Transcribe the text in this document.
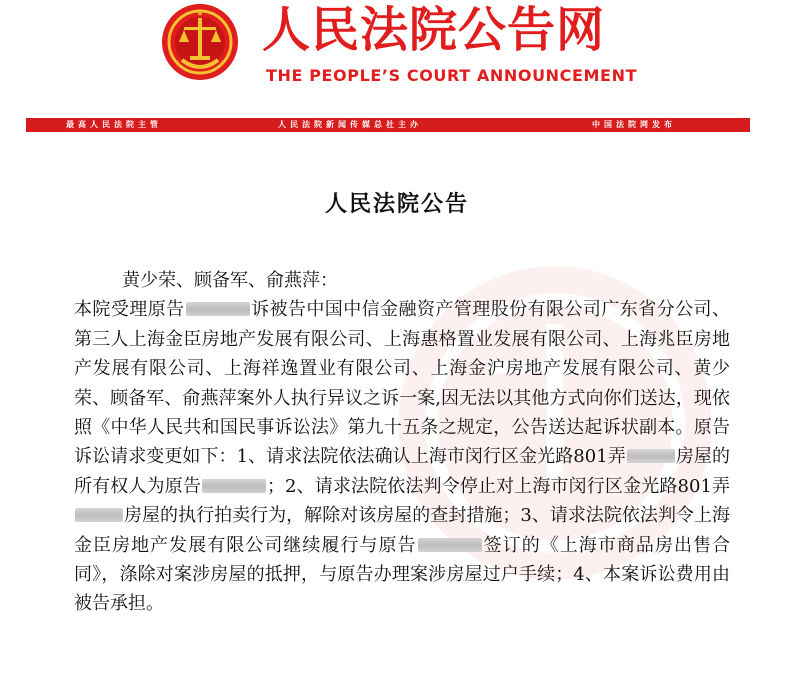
人民法院公告网

THE PEOPLE’S COURT ANNOUNCEMENT

最高人民法院主管	人民法院新闻传媒总社主办	中国法院网发布
人民法院公告

黄少荣、顾备军、俞燕萍：

本院受理原告	诉被告中国中信金融资产管理股份有限公司广东省分公司、第三人上海金臣房地产发展有限公司、上海惠格置业发展有限公司、上海兆臣房地产发展有限公司、上海祥逸置业有限公司、上海金沪房地产发展有限公司、黄少荣、顾备军、俞燕萍案外人执行异议之诉一案,因无法以其他方式向你们送达，现依照《中华人民共和国民事诉讼法》第九十五条之规定，公告送达起诉状副本。原告诉讼请求变更如下：1、请求法院依法确认上海市闵行区金光路801弄	房屋的所有权人为原告	；2、请求法院依法判令停止对上海市闵行区金光路801弄房屋的执行拍卖行为，解除对该房屋的查封措施；3、请求法院依法判令上海金臣房地产发展有限公司继续履行与原告	签订的《上海市商品房出售合同》，涤除对案涉房屋的抵押，与原告办理案涉房屋过户手续；4、本案诉讼费用由被告承担。
